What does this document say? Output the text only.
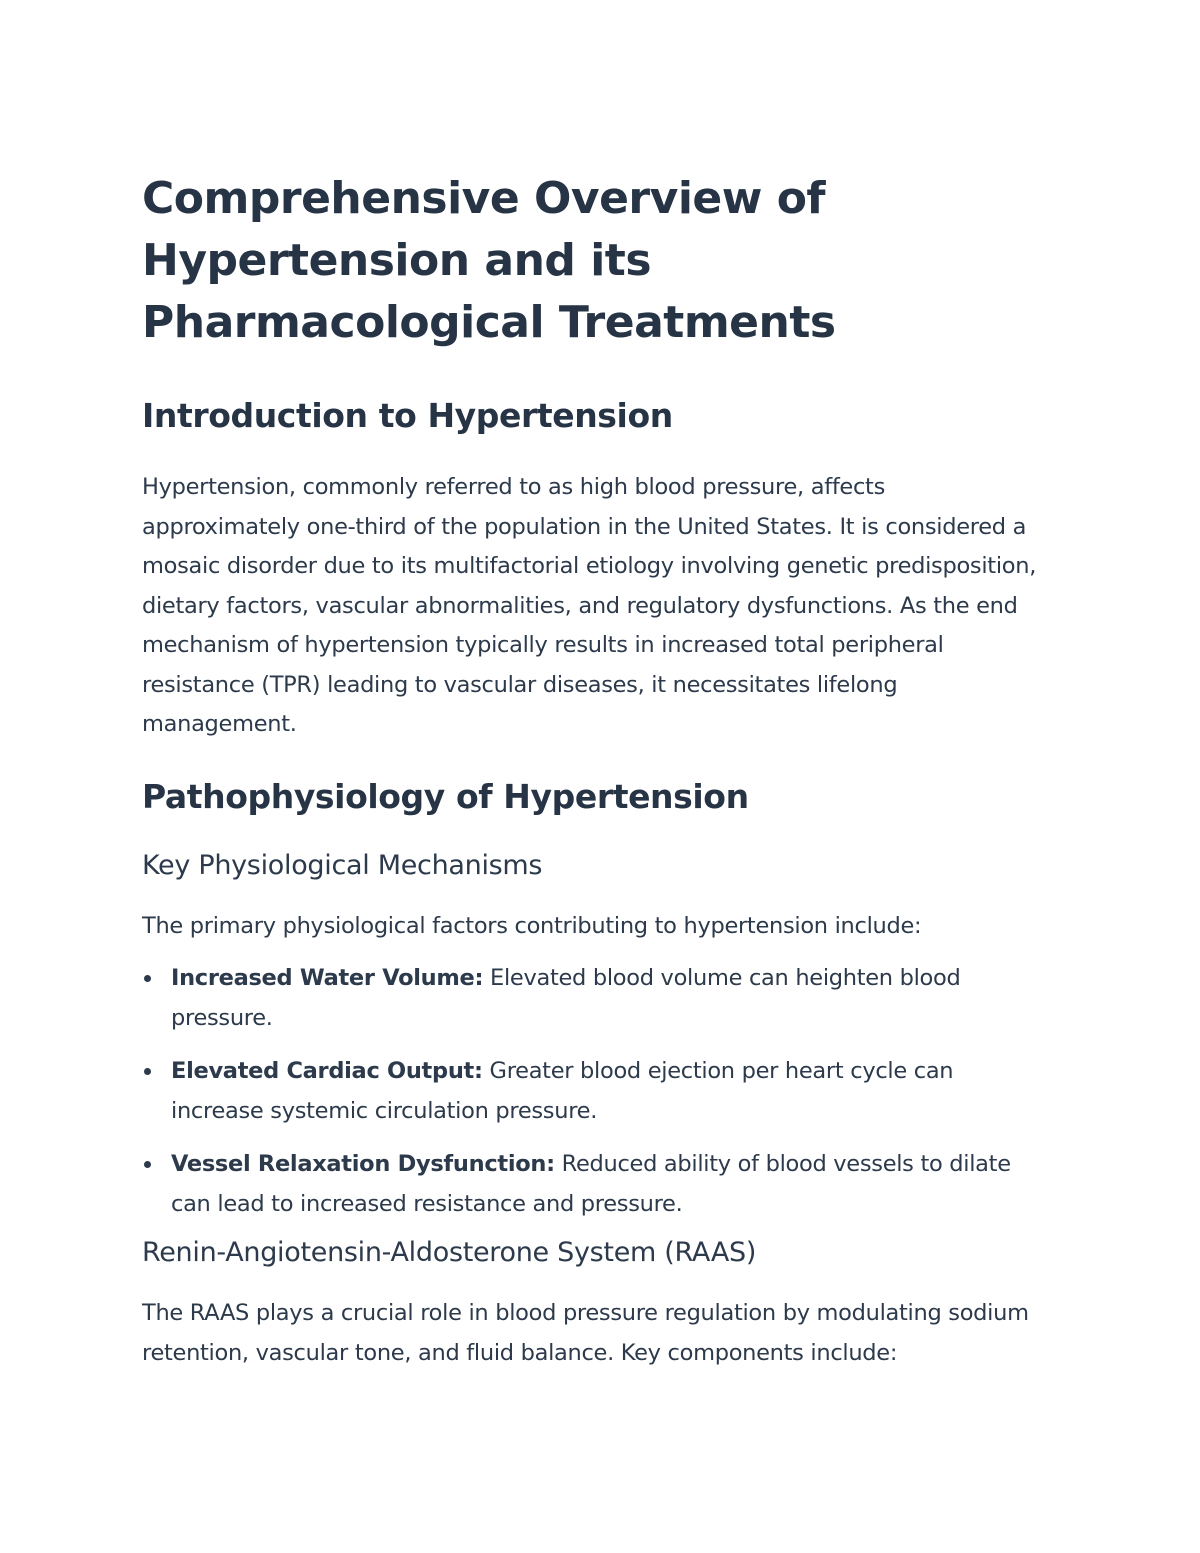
Comprehensive Overview of Hypertension and its Pharmacological Treatments
Introduction to Hypertension

Hypertension, commonly referred to as high blood pressure, affects approximately one-third of the population in the United States. It is considered a mosaic disorder due to its multifactorial etiology involving genetic predisposition, dietary factors, vascular abnormalities, and regulatory dysfunctions. As the end mechanism of hypertension typically results in increased total peripheral resistance (TPR) leading to vascular diseases, it necessitates lifelong management.

Pathophysiology of Hypertension
Key Physiological Mechanisms

The primary physiological factors contributing to hypertension include:

Increased Water Volume: Elevated blood volume can heighten blood pressure.
Elevated Cardiac Output: Greater blood ejection per heart cycle can increase systemic circulation pressure.
Vessel Relaxation Dysfunction: Reduced ability of blood vessels to dilate can lead to increased resistance and pressure.
Renin-Angiotensin-Aldosterone System (RAAS)

The RAAS plays a crucial role in blood pressure regulation by modulating sodium retention, vascular tone, and fluid balance. Key components include:
